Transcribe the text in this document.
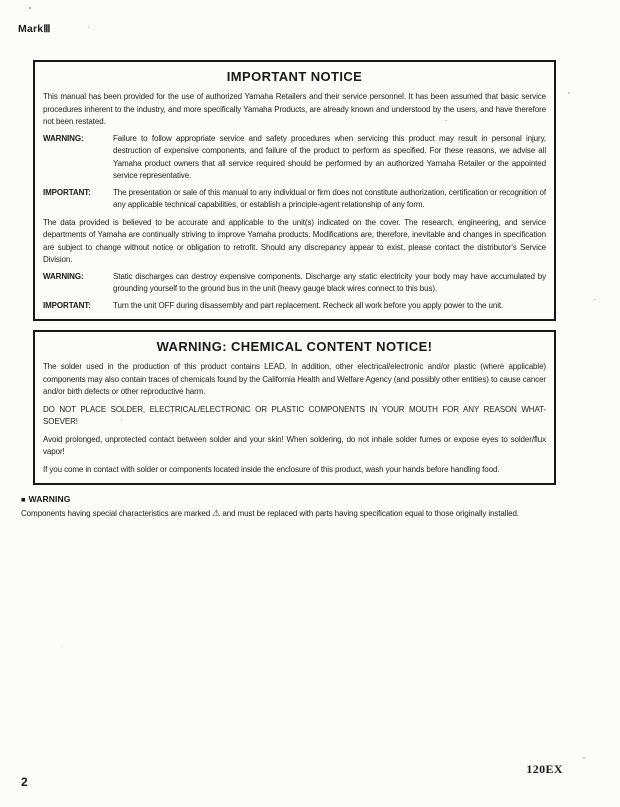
MarkⅢ
IMPORTANT NOTICE

This manual has been provided for the use of authorized Yamaha Retailers and their service personnel. It has been assumed that basic service procedures inherent to the industry, and more specifically Yamaha Products, are already known and understood by the users, and have therefore not been restated.

WARNING:	Failure to follow appropriate service and safety procedures when servicing this product may result in personal injury, destruction of expensive components, and failure of the product to perform as specified. For these reasons, we advise all Yamaha product owners that all service required should be performed by an authorized Yamaha Retailer or the appointed service representative.

IMPORTANT:	The presentation or sale of this manual to any individual or firm does not constitute authorization, certification or recognition of any applicable technical capabilities, or establish a principle-agent relationship of any form.

The data provided is believed to be accurate and applicable to the unit(s) indicated on the cover. The research, engineering, and service departments of Yamaha are continually striving to improve Yamaha products. Modifications are, therefore, inevitable and changes in specification are subject to change without notice or obligation to retrofit. Should any discrepancy appear to exist, please contact the distributor's Service Division.

WARNING:	Static discharges can destroy expensive components. Discharge any static electricity your body may have accumulated by grounding yourself to the ground bus in the unit (heavy gauge black wires connect to this bus).

IMPORTANT:	Turn the unit OFF during disassembly and part replacement. Recheck all work before you apply power to the unit.

WARNING: CHEMICAL CONTENT NOTICE!

The solder used in the production of this product contains LEAD. In addition, other electrical/electronic and/or plastic (where applicable) components may also contain traces of chemicals found by the California Health and Welfare Agency (and possibly other entities) to cause cancer and/or birth defects or other reproductive harm.

DO NOT PLACE SOLDER, ELECTRICAL/ELECTRONIC OR PLASTIC COMPONENTS IN YOUR MOUTH FOR ANY REASON WHAT-SOEVER!

Avoid prolonged, unprotected contact between solder and your skin! When soldering, do not inhale solder fumes or expose eyes to solder/flux vapor!

If you come in contact with solder or components located inside the enclosure of this product, wash your hands before handling food.

■ WARNING

Components having special characteristics are marked ⚠ and must be replaced with parts having specification equal to those originally installed.

120EX
2
